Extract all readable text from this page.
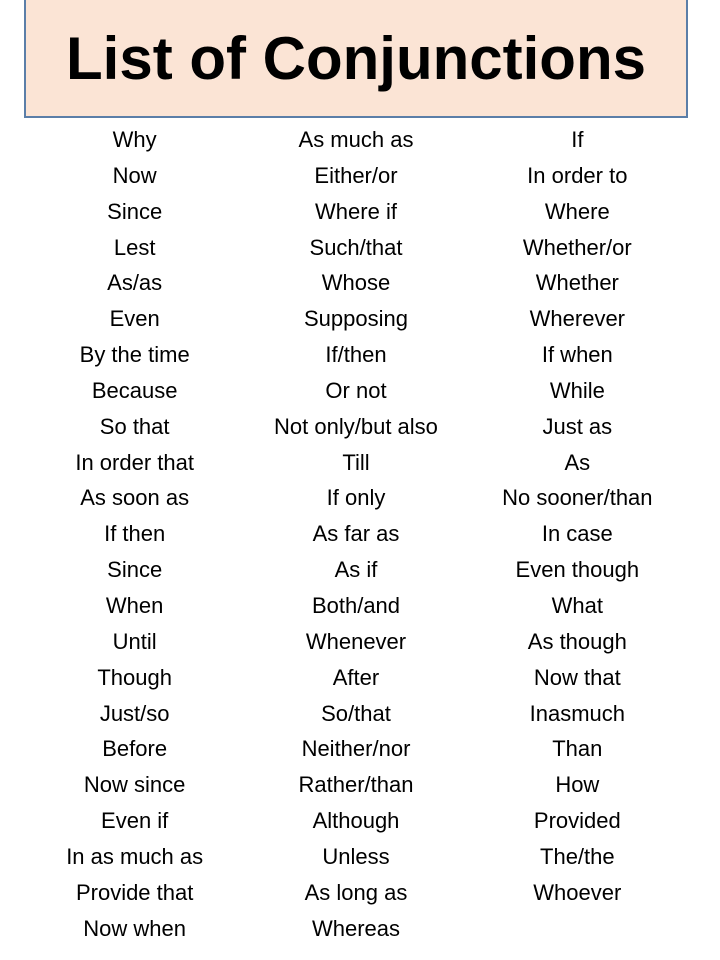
List of Conjunctions
Why
Now
Since
Lest
As/as
Even
By the time
Because
So that
In order that
As soon as
If then
Since
When
Until
Though
Just/so
Before
Now since
Even if
In as much as
Provide that
Now when
As much as
Either/or
Where if
Such/that
Whose
Supposing
If/then
Or not
Not only/but also
Till
If only
As far as
As if
Both/and
Whenever
After
So/that
Neither/nor
Rather/than
Although
Unless
As long as
Whereas
If
In order to
Where
Whether/or
Whether
Wherever
If when
While
Just as
As
No sooner/than
In case
Even though
What
As though
Now that
Inasmuch
Than
How
Provided
The/the
Whoever
